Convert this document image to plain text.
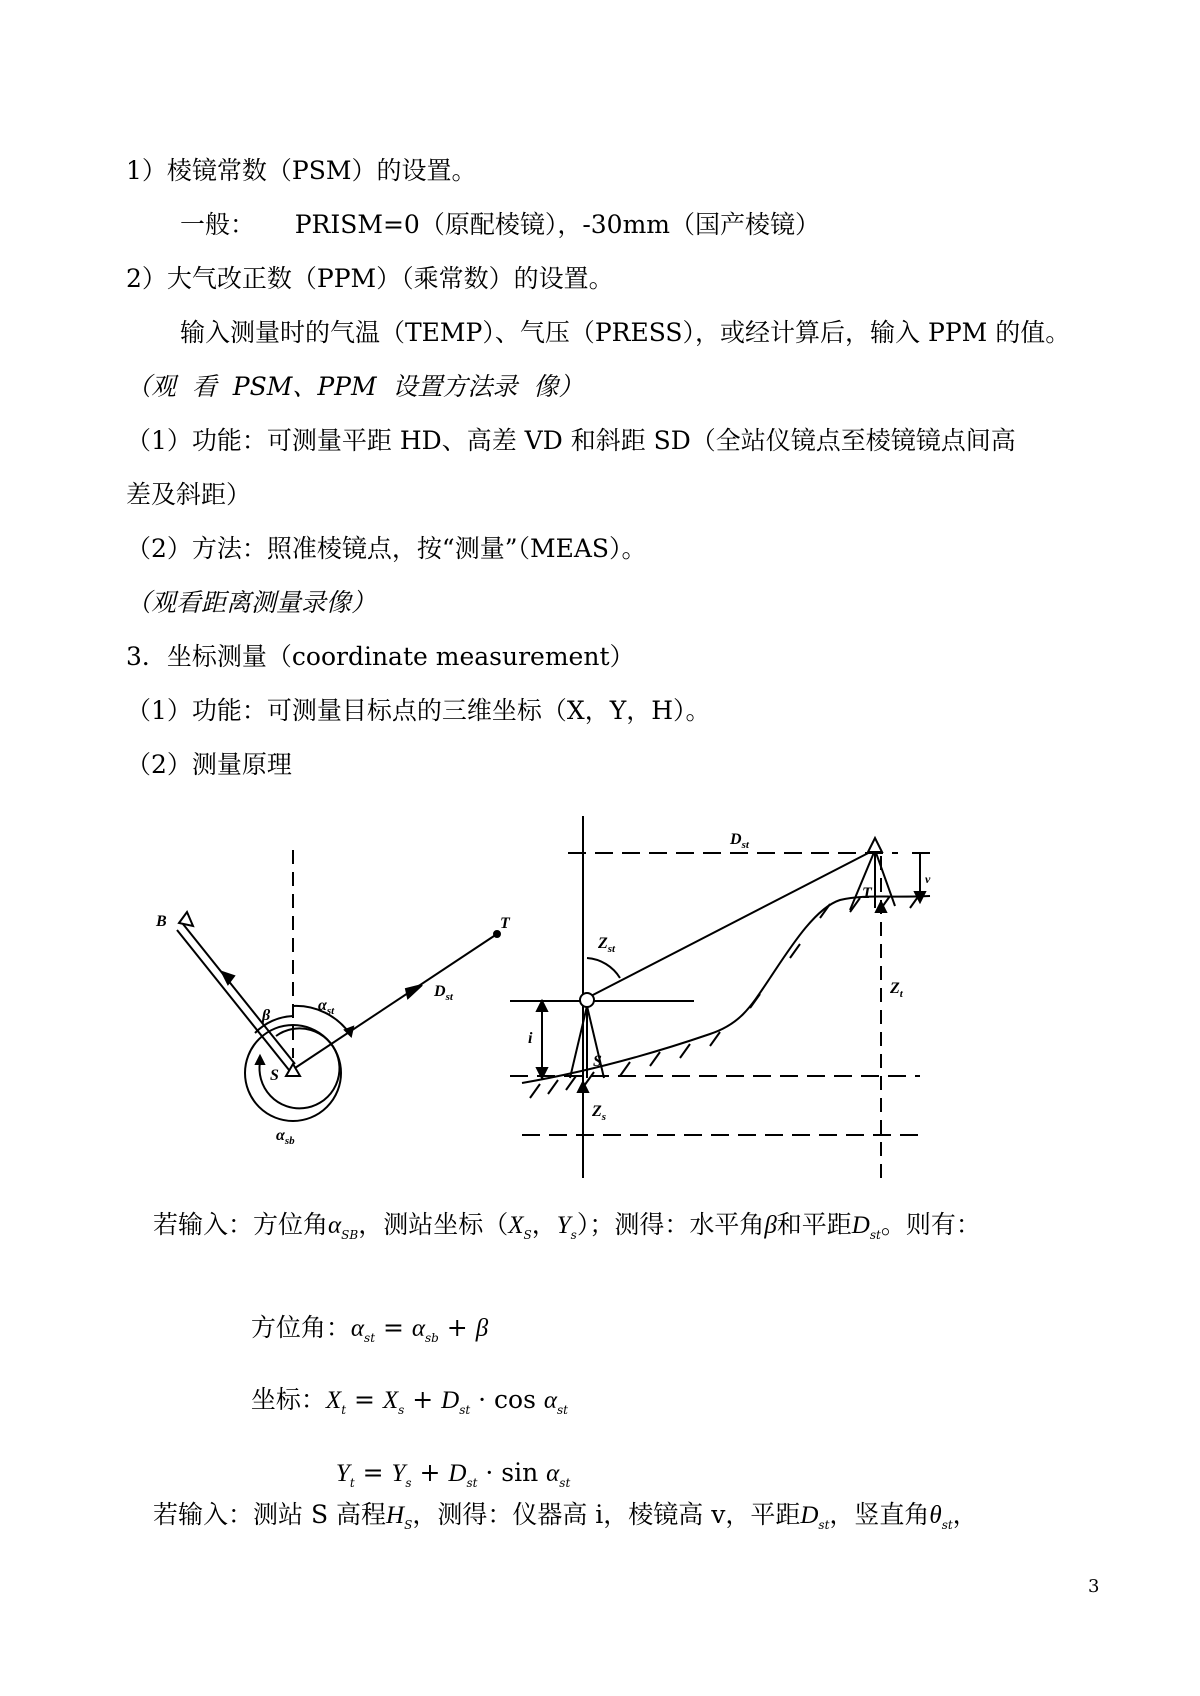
1）棱镜常数（PSM）的设置。
一般：     PRISM=0（原配棱镜），-30mm（国产棱镜）
2）大气改正数（PPM）（乘常数）的设置。
输入测量时的气温（TEMP）、气压（PRESS），或经计算后，输入 PPM 的值。
（观  看  PSM、PPM  设置方法录  像）
（1）功能：可测量平距 HD、高差 VD 和斜距 SD（全站仪镜点至棱镜镜点间高
差及斜距）
（2）方法：照准棱镜点，按“测量”（MEAS）。
（观看距离测量录像）
3．坐标测量（coordinate measurement）
（1）功能：可测量目标点的三维坐标（X，Y，H）。
（2）测量原理
B	T
β
$\alpha_{st}$
$D_{st}$
S
$\alpha_{sb}$
$D_{st}$
$Z_{st}$
T
$Z_t$
S
i
$Z_s$
v
若输入：方位角$\alpha_{SB}$，测站坐标（$X_S$，$Y_s$）；测得：水平角β和平距$D_{st}$。则有：

方位角：$\alpha_{st} = \alpha_{sb} + \beta$

坐标：$X_t = X_s + D_{st} \cdot \cos \alpha_{st}$

$Y_t = Y_s + D_{st} \cdot \sin \alpha_{st}$

若输入：测站 S 高程$H_S$，测得：仪器高 i，棱镜高 v，平距$D_{st}$，竖直角$\theta_{st}$，
3
